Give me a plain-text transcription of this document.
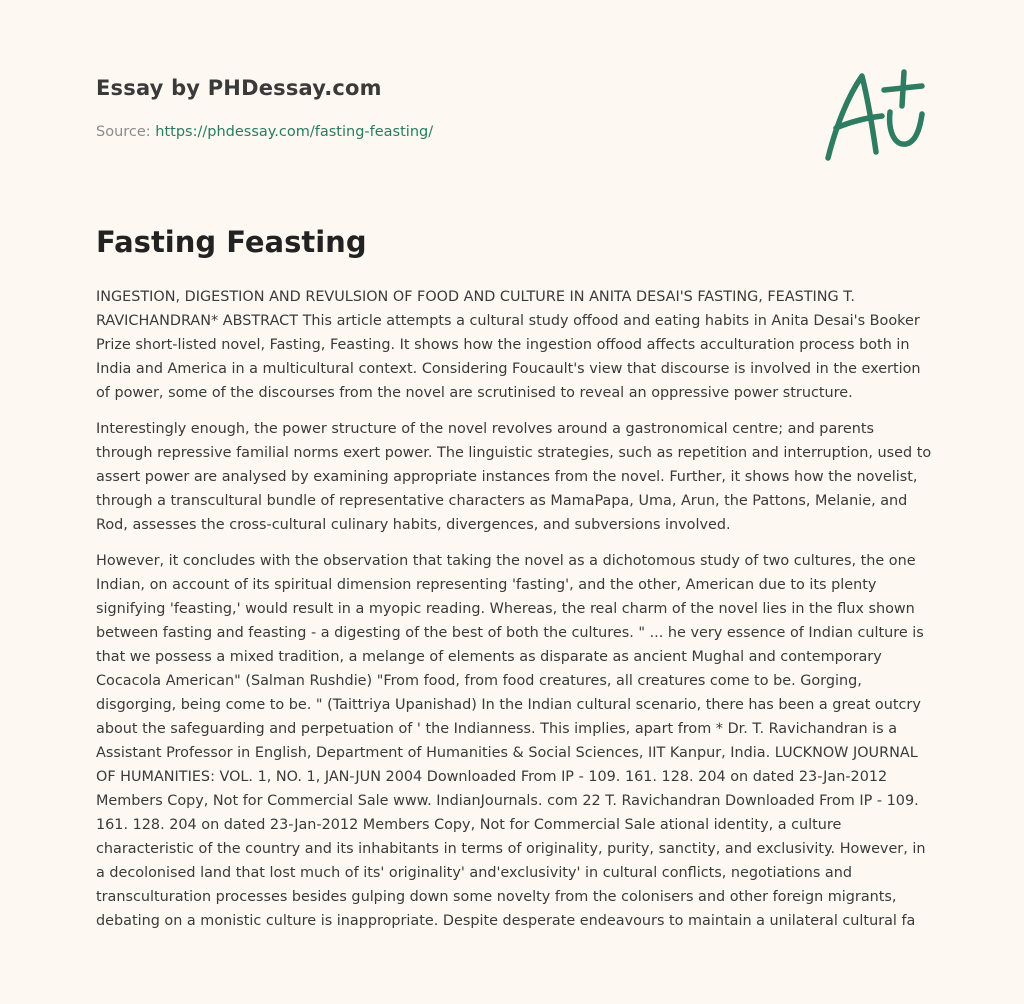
Essay by PHDessay.com
Source: https://phdessay.com/fasting-feasting/
Fasting Feasting

INGESTION, DIGESTION AND REVULSION OF FOOD AND CULTURE IN ANITA DESAI'S FASTING, FEASTING T. RAVICHANDRAN* ABSTRACT This article attempts a cultural study offood and eating habits in Anita Desai's Booker Prize short-listed novel, Fasting, Feasting. It shows how the ingestion offood affects acculturation process both in India and America in a multicultural context. Considering Foucault's view that discourse is involved in the exertion of power, some of the discourses from the novel are scrutinised to reveal an oppressive power structure.

Interestingly enough, the power structure of the novel revolves around a gastronomical centre; and parents through repressive familial norms exert power. The linguistic strategies, such as repetition and interruption, used to assert power are analysed by examining appropriate instances from the novel. Further, it shows how the novelist, through a transcultural bundle of representative characters as MamaPapa, Uma, Arun, the Pattons, Melanie, and Rod, assesses the cross-cultural culinary habits, divergences, and subversions involved.

However, it concludes with the observation that taking the novel as a dichotomous study of two cultures, the one Indian, on account of its spiritual dimension representing 'fasting', and the other, American due to its plenty signifying 'feasting,' would result in a myopic reading. Whereas, the real charm of the novel lies in the flux shown between fasting and feasting - a digesting of the best of both the cultures. " ... he very essence of Indian culture is that we possess a mixed tradition, a melange of elements as disparate as ancient Mughal and contemporary Cocacola American" (Salman Rushdie) "From food, from food creatures, all creatures come to be. Gorging, disgorging, being come to be. " (Taittriya Upanishad) In the Indian cultural scenario, there has been a great outcry about the safeguarding and perpetuation of ' the Indianness. This implies, apart from * Dr. T. Ravichandran is a Assistant Professor in English, Department of Humanities & Social Sciences, IIT Kanpur, India. LUCKNOW JOURNAL OF HUMANITIES: VOL. 1, NO. 1, JAN-JUN 2004 Downloaded From IP - 109. 161. 128. 204 on dated 23-Jan-2012 Members Copy, Not for Commercial Sale www. IndianJournals. com 22 T. Ravichandran Downloaded From IP - 109. 161. 128. 204 on dated 23-Jan-2012 Members Copy, Not for Commercial Sale ational identity, a culture characteristic of the country and its inhabitants in terms of originality, purity, sanctity, and exclusivity. However, in a decolonised land that lost much of its' originality' and'exclusivity' in cultural conflicts, negotiations and transculturation processes besides gulping down some novelty from the colonisers and other foreign migrants, debating on a monistic culture is inappropriate. Despite desperate endeavours to maintain a unilateral cultural fa
